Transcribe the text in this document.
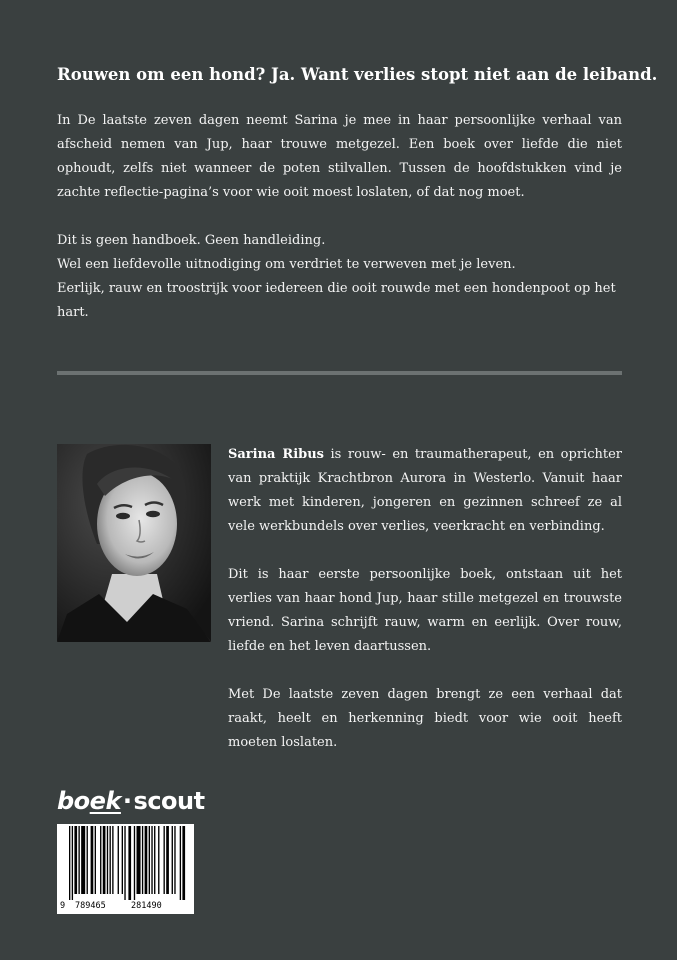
Rouwen om een hond? Ja. Want verlies stopt niet aan de leiband.

In De laatste zeven dagen neemt Sarina je mee in haar persoonlijke verhaal van afscheid nemen van Jup, haar trouwe metgezel. Een boek over liefde die niet ophoudt, zelfs niet wanneer de poten stilvallen. Tussen de hoofdstukken vind je zachte reflectie-pagina’s voor wie ooit moest loslaten, of dat nog moet.

Dit is geen handboek. Geen handleiding.
Wel een liefdevolle uitnodiging om verdriet te verweven met je leven.
Eerlijk, rauw en troostrijk voor iedereen die ooit rouwde met een hondenpoot op het hart.

Sarina Ribus is rouw- en traumatherapeut, en oprichter van praktijk Krachtbron Aurora in Westerlo. Vanuit haar werk met kinderen, jongeren en gezinnen schreef ze al vele werkbundels over verlies, veerkracht en verbinding.

Dit is haar eerste persoonlijke boek, ontstaan uit het verlies van haar hond Jup, haar stille metgezel en trouwste vriend. Sarina schrijft rauw, warm en eerlijk. Over rouw, liefde en het leven daartussen.

Met De laatste zeven dagen brengt ze een verhaal dat raakt, heelt en herkenning biedt voor wie ooit heeft moeten loslaten.

boek·scout
9 789465	281490
